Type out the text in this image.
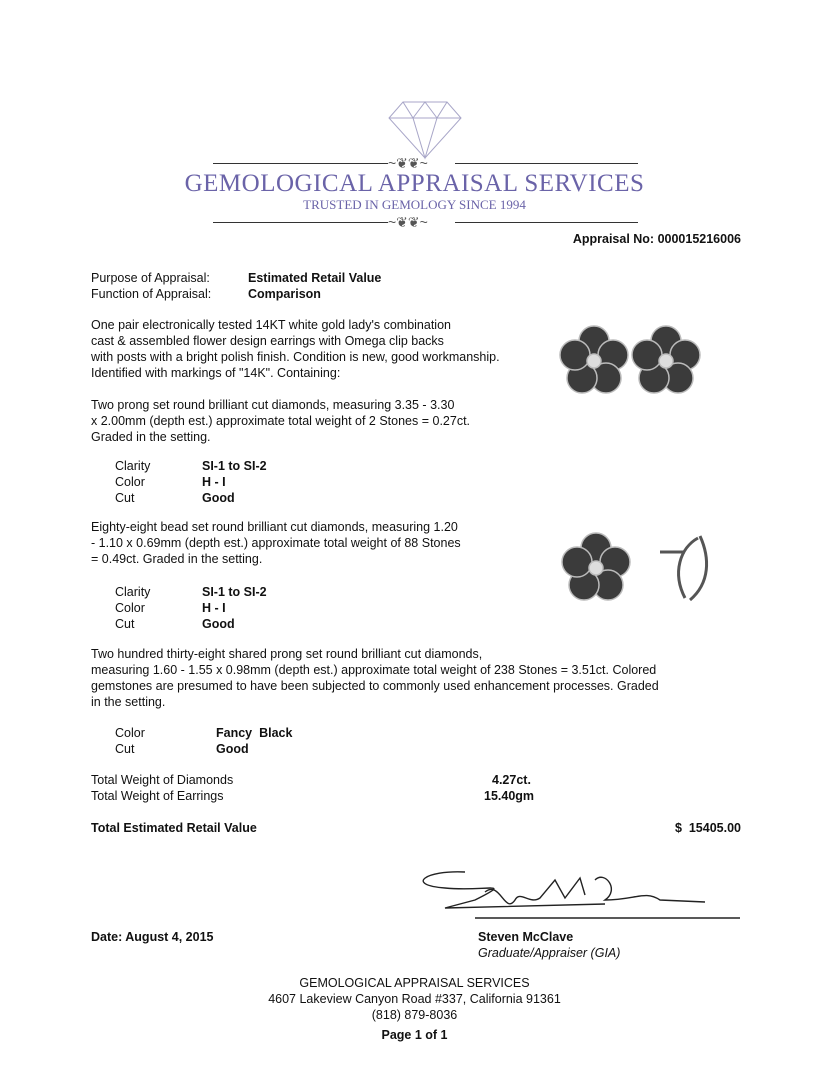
~❦❦~
GEMOLOGICAL APPRAISAL SERVICES
TRUSTED IN GEMOLOGY SINCE 1994
~❦❦~
Appraisal No: 000015216006
Purpose of Appraisal:	Estimated Retail Value
Function of Appraisal:	Comparison
One pair electronically tested 14KT white gold lady's combination
cast & assembled flower design earrings with Omega clip backs
with posts with a bright polish finish. Condition is new, good workmanship.
Identified with markings of "14K". Containing:
Two prong set round brilliant cut diamonds, measuring 3.35 - 3.30
x 2.00mm (depth est.) approximate total weight of 2 Stones = 0.27ct.
Graded in the setting.
Clarity	SI-1 to SI-2
Color	H - I
Cut	Good
Eighty-eight bead set round brilliant cut diamonds, measuring 1.20
- 1.10 x 0.69mm (depth est.) approximate total weight of 88 Stones
= 0.49ct. Graded in the setting.
Clarity	SI-1 to SI-2
Color	H - I
Cut	Good
Two hundred thirty-eight shared prong set round brilliant cut diamonds,
measuring 1.60 - 1.55 x 0.98mm (depth est.) approximate total weight of 238 Stones = 3.51ct. Colored
gemstones are presumed to have been subjected to commonly used enhancement processes. Graded
in the setting.
Color	Fancy  Black
Cut	Good
Total Weight of Diamonds	4.27ct.
Total Weight of Earrings	15.40gm
Total Estimated Retail Value	$  15405.00
Date: August 4, 2015	Steven McClave
Graduate/Appraiser (GIA)
GEMOLOGICAL APPRAISAL SERVICES
4607 Lakeview Canyon Road #337, California 91361
(818) 879-8036
Page 1 of 1
